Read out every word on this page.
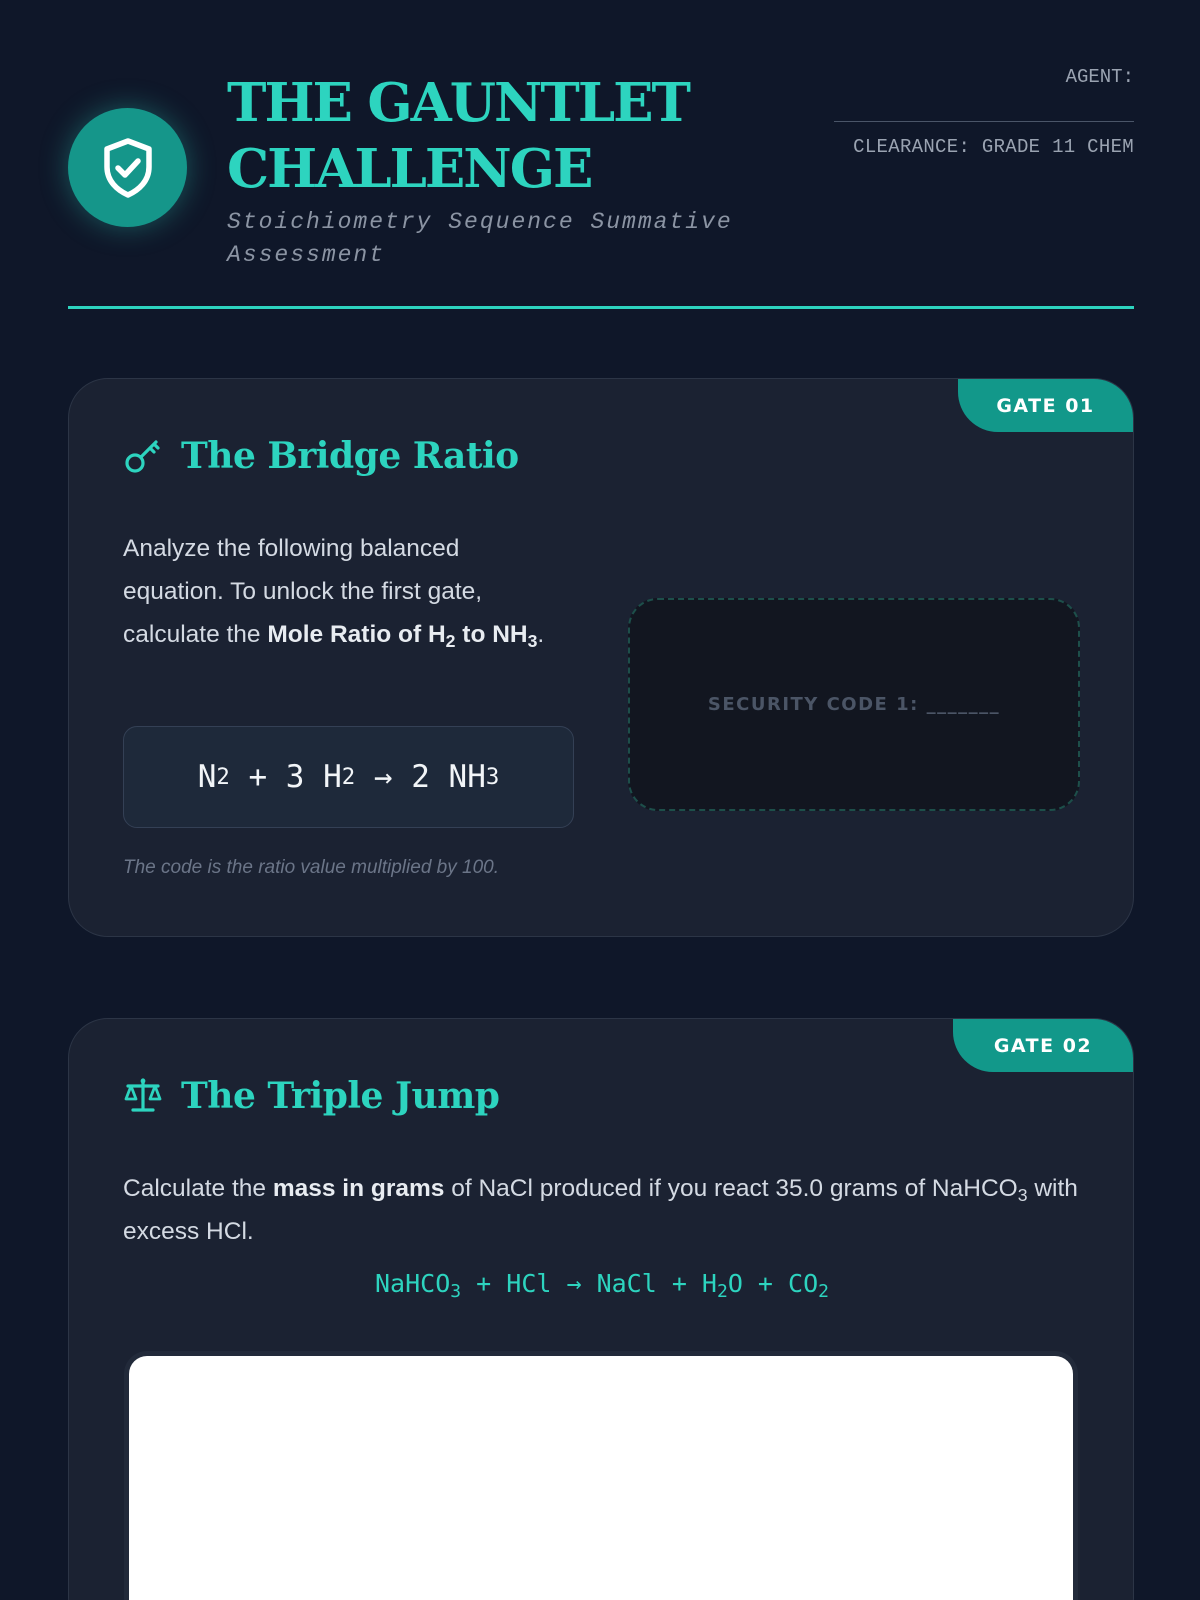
THE GAUNTLET
CHALLENGE
Stoichiometry Sequence Summative
Assessment
AGENT:
CLEARANCE: GRADE 11 CHEM
GATE 01
The Bridge Ratio
Analyze the following balanced equation. To unlock the first gate, calculate the Mole Ratio of $H_2$ to $NH_3$.
N 2 + 3 H 2 → 2 NH 3
The code is the ratio value multiplied by 100.
SECURITY CODE 1: _______
GATE 02
The Triple Jump
Calculate the mass in grams of NaCl produced if you react 35.0 grams of NaHCO$_3$ with excess HCl.
NaHCO$_3$ + HCl → NaCl + $H_2O + CO_2$
